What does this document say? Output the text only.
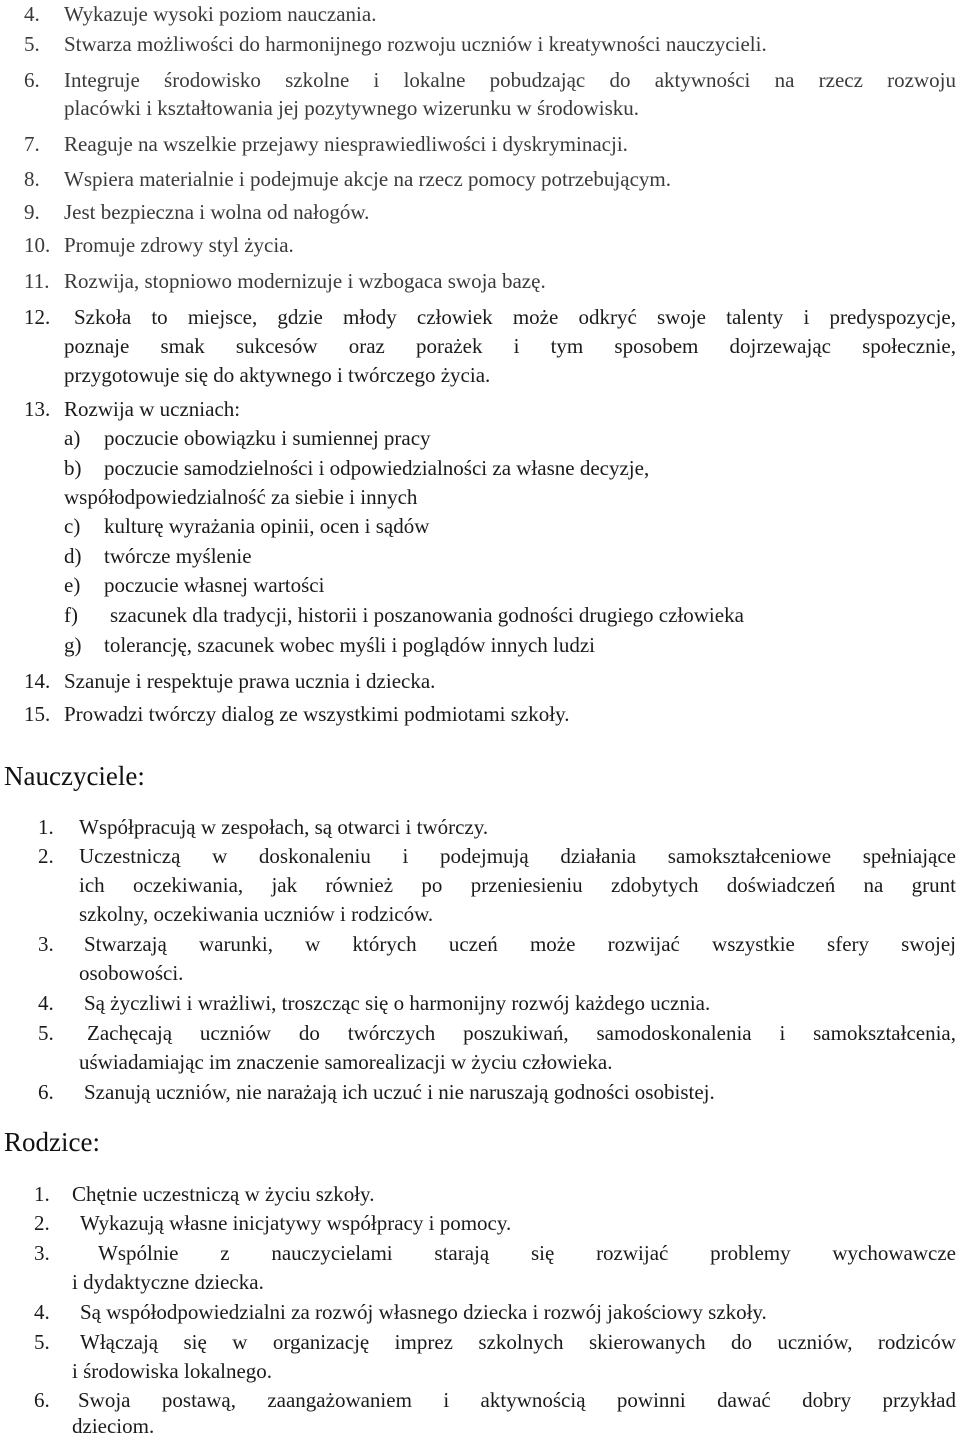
4. Wykazuje wysoki poziom nauczania.
5. Stwarza możliwości do harmonijnego rozwoju uczniów i kreatywności nauczycieli.
6.	Integruje środowisko szkolne i lokalne pobudzając do aktywności na rzecz rozwoju
placówki i kształtowania jej pozytywnego wizerunku w środowisku.
7. Reaguje na wszelkie przejawy niesprawiedliwości i dyskryminacji.
8. Wspiera materialnie i podejmuje akcje na rzecz pomocy potrzebującym.
9. Jest bezpieczna i wolna od nałogów.
10. Promuje zdrowy styl życia.
11. Rozwija, stopniowo modernizuje i wzbogaca swoja bazę.
12. Szkoła to miejsce, gdzie młody człowiek może odkryć swoje talenty i predyspozycje,
poznaje smak sukcesów oraz porażek i tym sposobem dojrzewając społecznie,
przygotowuje się do aktywnego i twórczego życia.
13. Rozwija w uczniach:
a) poczucie obowiązku i sumiennej pracy
b) poczucie samodzielności i odpowiedzialności za własne decyzje,
współodpowiedzialność za siebie i innych
c) kulturę wyrażania opinii, ocen i sądów
d) twórcze myślenie
e) poczucie własnej wartości
f) szacunek dla tradycji, historii i poszanowania godności drugiego człowieka
g) tolerancję, szacunek wobec myśli i poglądów innych ludzi
14. Szanuje i respektuje prawa ucznia i dziecka.
15. Prowadzi twórczy dialog ze wszystkimi podmiotami szkoły.
Nauczyciele:
1. Współpracują w zespołach, są otwarci i twórczy.
2. Uczestniczą w doskonaleniu i podejmują działania samokształceniowe spełniające
ich oczekiwania, jak również po przeniesieniu zdobytych doświadczeń na grunt
szkolny, oczekiwania uczniów i rodziców.
3. Stwarzają warunki, w których uczeń może rozwijać wszystkie sfery swojej
osobowości.
4. Są życzliwi i wrażliwi, troszcząc się o harmonijny rozwój każdego ucznia.
5. Zachęcają uczniów do twórczych poszukiwań, samodoskonalenia i samokształcenia,
uświadamiając im znaczenie samorealizacji w życiu człowieka.
6. Szanują uczniów, nie narażają ich uczuć i nie naruszają godności osobistej.
Rodzice:
1. Chętnie uczestniczą w życiu szkoły.
2. Wykazują własne inicjatywy współpracy i pomocy.
3. Wspólnie z nauczycielami starają się rozwijać problemy wychowawcze
i dydaktyczne dziecka.
4. Są współodpowiedzialni za rozwój własnego dziecka i rozwój jakościowy szkoły.
5. Włączają się w organizację imprez szkolnych skierowanych do uczniów, rodziców
i środowiska lokalnego.
6. Swoja postawą, zaangażowaniem i aktywnością powinni dawać dobry przykład
dzieciom.
